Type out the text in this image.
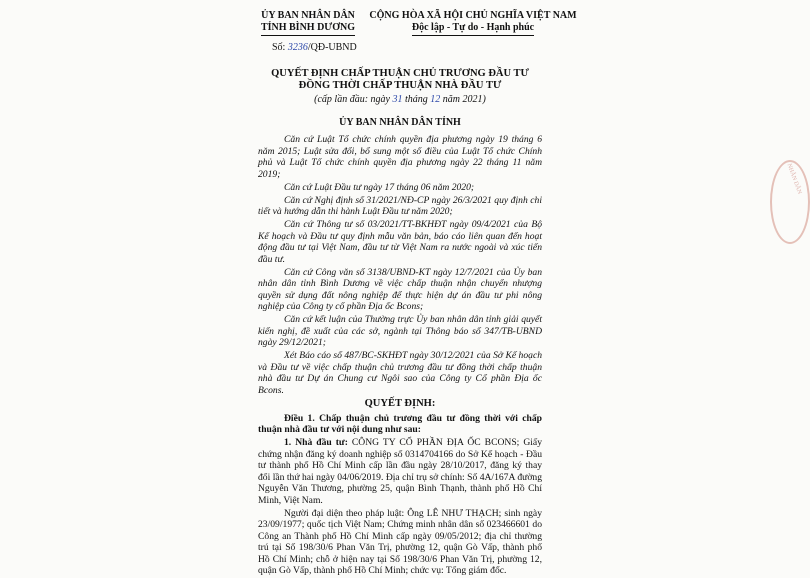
ỦY BAN NHÂN DÂN
TỈNH BÌNH DƯƠNG
CỘNG HÒA XÃ HỘI CHỦ NGHĨA VIỆT NAM
Độc lập - Tự do - Hạnh phúc
Số: 3236/QĐ-UBND
QUYẾT ĐỊNH CHẤP THUẬN CHỦ TRƯƠNG ĐẦU TƯ
ĐỒNG THỜI CHẤP THUẬN NHÀ ĐẦU TƯ
(cấp lần đầu: ngày 31 tháng 12 năm 2021)
ỦY BAN NHÂN DÂN TỈNH

Căn cứ Luật Tổ chức chính quyền địa phương ngày 19 tháng 6 năm 2015; Luật sửa đổi, bổ sung một số điều của Luật Tổ chức Chính phủ và Luật Tổ chức chính quyền địa phương ngày 22 tháng 11 năm 2019;

Căn cứ Luật Đầu tư ngày 17 tháng 06 năm 2020;

Căn cứ Nghị định số 31/2021/NĐ-CP ngày 26/3/2021 quy định chi tiết và hướng dẫn thi hành Luật Đầu tư năm 2020;

Căn cứ Thông tư số 03/2021/TT-BKHĐT ngày 09/4/2021 của Bộ Kế hoạch và Đầu tư quy định mẫu văn bản, báo cáo liên quan đến hoạt động đầu tư tại Việt Nam, đầu tư từ Việt Nam ra nước ngoài và xúc tiến đầu tư.

Căn cứ Công văn số 3138/UBND-KT ngày 12/7/2021 của Ủy ban nhân dân tỉnh Bình Dương về việc chấp thuận nhận chuyển nhượng quyền sử dụng đất nông nghiệp để thực hiện dự án đầu tư phi nông nghiệp của Công ty cổ phần Địa ốc Bcons;

Căn cứ kết luận của Thường trực Ủy ban nhân dân tỉnh giải quyết kiến nghị, đề xuất của các sở, ngành tại Thông báo số 347/TB-UBND ngày 29/12/2021;

Xét Báo cáo số 487/BC-SKHĐT ngày 30/12/2021 của Sở Kế hoạch và Đầu tư về việc chấp thuận chủ trương đầu tư đồng thời chấp thuận nhà đầu tư Dự án Chung cư Ngôi sao của Công ty Cổ phần Địa ốc Bcons.

QUYẾT ĐỊNH:

Điều 1. Chấp thuận chủ trương đầu tư đồng thời với chấp thuận nhà đầu tư với nội dung như sau:

1. Nhà đầu tư: CÔNG TY CỔ PHẦN ĐỊA ỐC BCONS; Giấy chứng nhận đăng ký doanh nghiệp số 0314704166 do Sở Kế hoạch - Đầu tư thành phố Hồ Chí Minh cấp lần đầu ngày 28/10/2017, đăng ký thay đổi lần thứ hai ngày 04/06/2019. Địa chỉ trụ sở chính: Số 4A/167A đường Nguyễn Văn Thương, phường 25, quận Bình Thạnh, thành phố Hồ Chí Minh, Việt Nam.

Người đại diện theo pháp luật: Ông LÊ NHƯ THẠCH; sinh ngày 23/09/1977; quốc tịch Việt Nam; Chứng minh nhân dân số 023466601 do Công an Thành phố Hồ Chí Minh cấp ngày 09/05/2012; địa chỉ thường trú tại Số 198/30/6 Phan Văn Trị, phường 12, quận Gò Vấp, thành phố Hồ Chí Minh; chỗ ở hiện nay tại Số 198/30/6 Phan Văn Trị, phường 12, quận Gò Vấp, thành phố Hồ Chí Minh; chức vụ: Tổng giám đốc.

NHÂN DÂN
